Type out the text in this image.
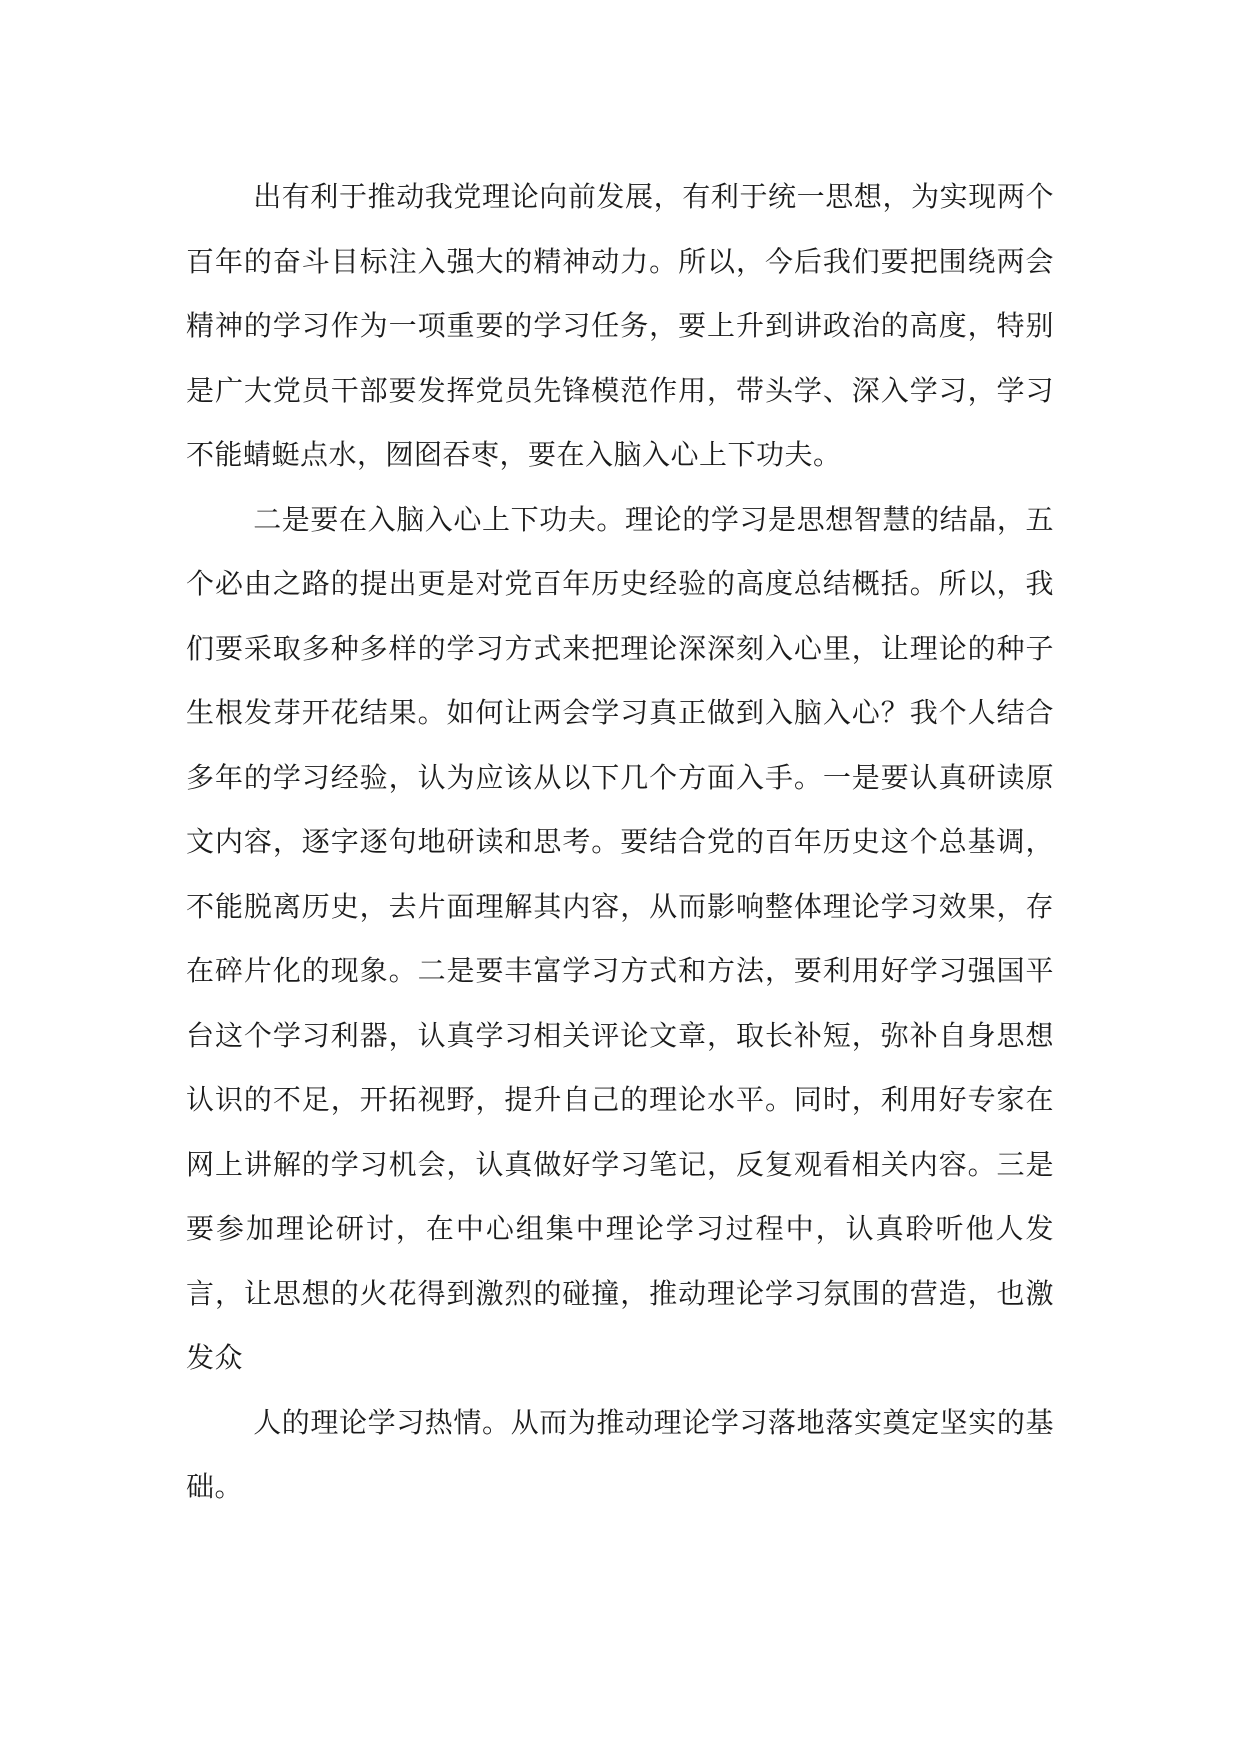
出有利于推动我党理论向前发展，有利于统一思想，为实现两个百年的奋斗目标注入强大的精神动力。所以，今后我们要把围绕两会精神的学习作为一项重要的学习任务，要上升到讲政治的高度，特别是广大党员干部要发挥党员先锋模范作用，带头学、深入学习，学习不能蜻蜓点水，囫囵吞枣，要在入脑入心上下功夫。

二是要在入脑入心上下功夫。理论的学习是思想智慧的结晶，五个必由之路的提出更是对党百年历史经验的高度总结概括。所以，我们要采取多种多样的学习方式来把理论深深刻入心里，让理论的种子生根发芽开花结果。如何让两会学习真正做到入脑入心？我个人结合多年的学习经验，认为应该从以下几个方面入手。一是要认真研读原文内容，逐字逐句地研读和思考。要结合党的百年历史这个总基调，不能脱离历史，去片面理解其内容，从而影响整体理论学习效果，存在碎片化的现象。二是要丰富学习方式和方法，要利用好学习强国平台这个学习利器，认真学习相关评论文章，取长补短，弥补自身思想认识的不足，开拓视野，提升自己的理论水平。同时，利用好专家在网上讲解的学习机会，认真做好学习笔记，反复观看相关内容。三是要参加理论研讨，在中心组集中理论学习过程中，认真聆听他人发言，让思想的火花得到激烈的碰撞，推动理论学习氛围的营造，也激发众

人的理论学习热情。从而为推动理论学习落地落实奠定坚实的基础。
